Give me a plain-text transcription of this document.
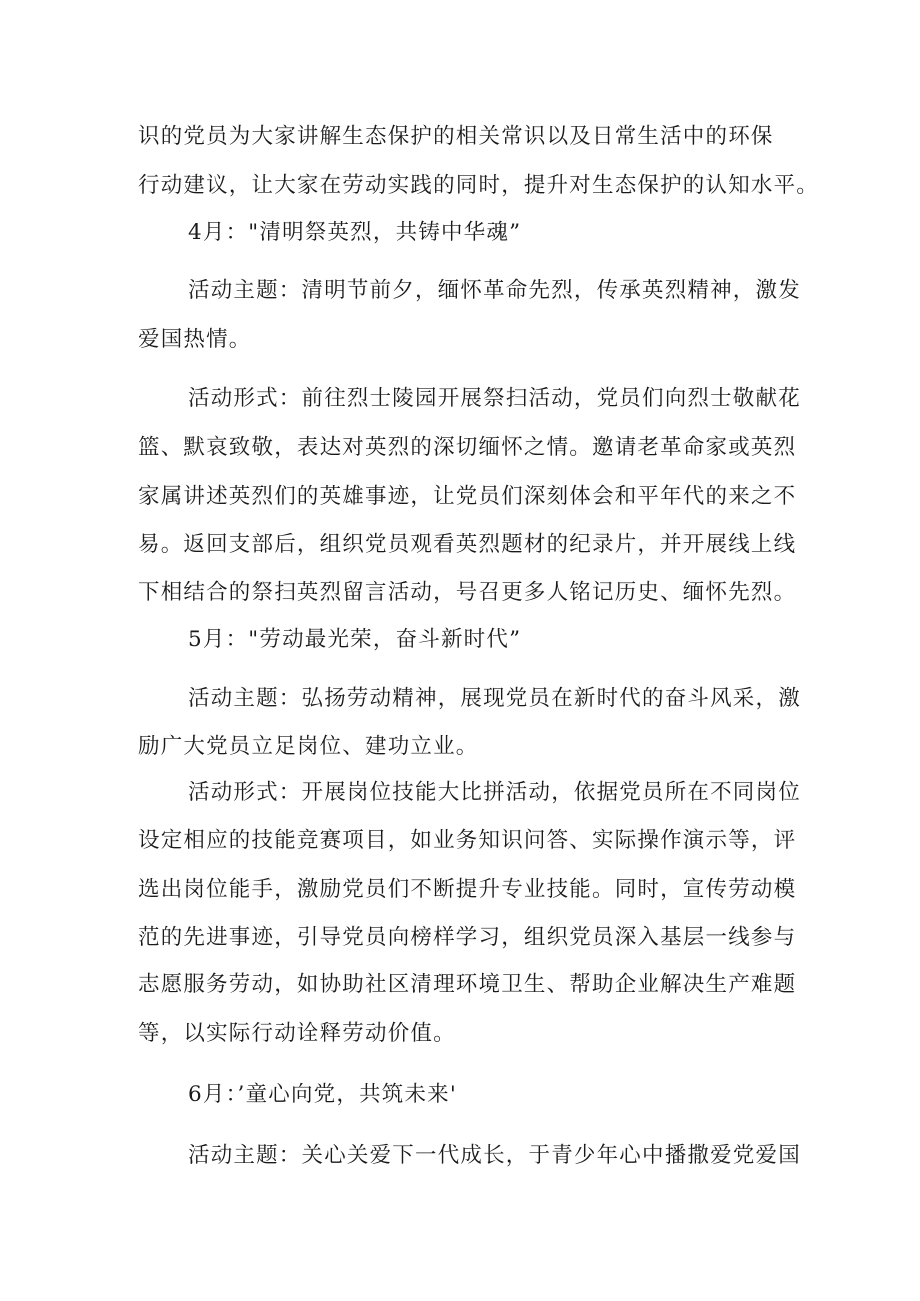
识的党员为大家讲解生态保护的相关常识以及日常生活中的环保
行动建议，让大家在劳动实践的同时，提升对生态保护的认知水平。
4月："清明祭英烈，共铸中华魂”
活动主题：清明节前夕，缅怀革命先烈，传承英烈精神，激发
爱国热情。
活动形式：前往烈士陵园开展祭扫活动，党员们向烈士敬献花
篮、默哀致敬，表达对英烈的深切缅怀之情。邀请老革命家或英烈
家属讲述英烈们的英雄事迹，让党员们深刻体会和平年代的来之不
易。返回支部后，组织党员观看英烈题材的纪录片，并开展线上线
下相结合的祭扫英烈留言活动，号召更多人铭记历史、缅怀先烈。
5月："劳动最光荣，奋斗新时代”
活动主题：弘扬劳动精神，展现党员在新时代的奋斗风采，激
励广大党员立足岗位、建功立业。
活动形式：开展岗位技能大比拼活动，依据党员所在不同岗位
设定相应的技能竞赛项目，如业务知识问答、实际操作演示等，评
选出岗位能手，激励党员们不断提升专业技能。同时，宣传劳动模
范的先进事迹，引导党员向榜样学习，组织党员深入基层一线参与
志愿服务劳动，如协助社区清理环境卫生、帮助企业解决生产难题
等，以实际行动诠释劳动价值。
6月：’童心向党，共筑未来'
活动主题：关心关爱下一代成长，于青少年心中播撒爱党爱国
